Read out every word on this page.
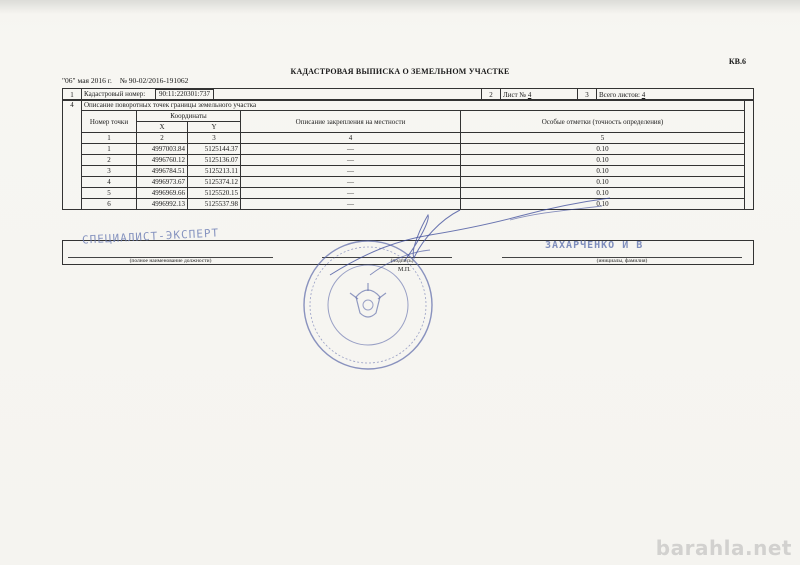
КВ.6
КАДАСТРОВАЯ ВЫПИСКА О ЗЕМЕЛЬНОМ УЧАСТКЕ
"06" мая 2016 г. № 90-02/2016-191062
1	Кадастровый номер: 90:11:220301:737	2	Лист № 4	3	Всего листов: 4
4	Описание поворотных точек границы земельного участка					
	Номер точки	Координаты		Описание закрепления на местности	Особые отметки (точность определения)	
		X	Y			
	1	2	3	4	5	
	1	4997003.84	5125144.37	—	0.10	
	2	4996760.12	5125136.07	—	0.10	
	3	4996784.51	5125213.11	—	0.10	
	4	4996973.67	5125374.12	—	0.10	
	5	4996969.66	5125520.15	—	0.10	
	6	4996992.13	5125537.98	—	0.10	
(полное наименование должности)	(подпись)	(инициалы, фамилия)
СПЕЦИАЛИСТ-ЭКСПЕРТ	ЗАХАРЧЕНКО И В
М.П.
barahla.net
